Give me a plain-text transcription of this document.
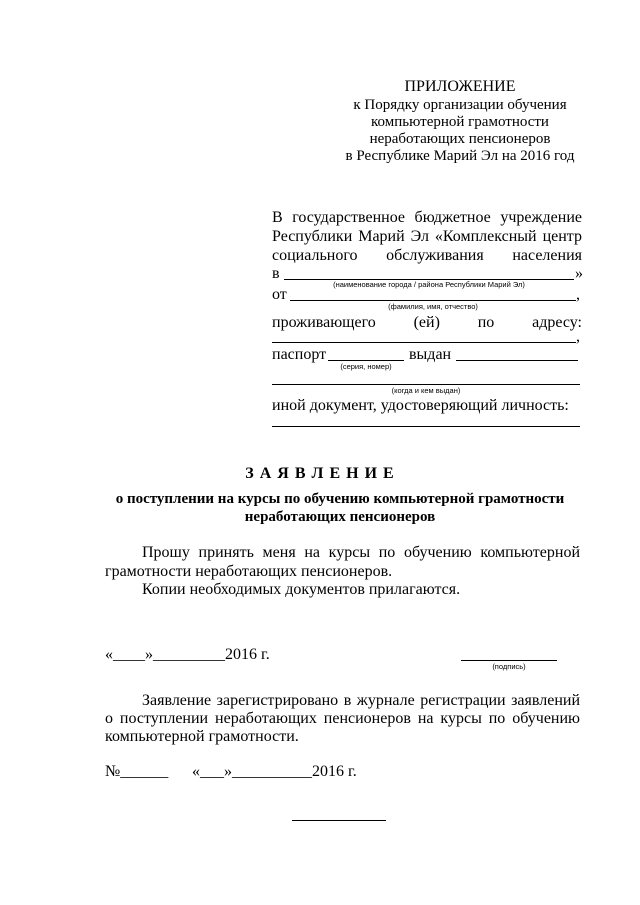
ПРИЛОЖЕНИЕ
к Порядку организации обучения
компьютерной грамотности
неработающих пенсионеров
в Республике Марий Эл на 2016 год
В государственное бюджетное учреждение
Республики Марий Эл «Комплексный центр
социального обслуживания населения
в	»
(наименование города / района Республики Марий Эл)
от	,
(фамилия, имя, отчество)
проживающего (ей) по адресу:
,
паспорт	выдан
(серия, номер)
(когда и кем выдан)
иной документ, удостоверяющий личность:
З А Я В Л Е Н И Е
о поступлении на курсы по обучению компьютерной грамотности
неработающих пенсионеров
Прошу принять меня на курсы по обучению компьютерной
грамотности неработающих пенсионеров.
Копии необходимых документов прилагаются.
«____»_________2016 г.
(подпись)
Заявление зарегистрировано в журнале регистрации заявлений
о поступлении неработающих пенсионеров на курсы по обучению
компьютерной грамотности.
№______ «___»__________2016 г.
